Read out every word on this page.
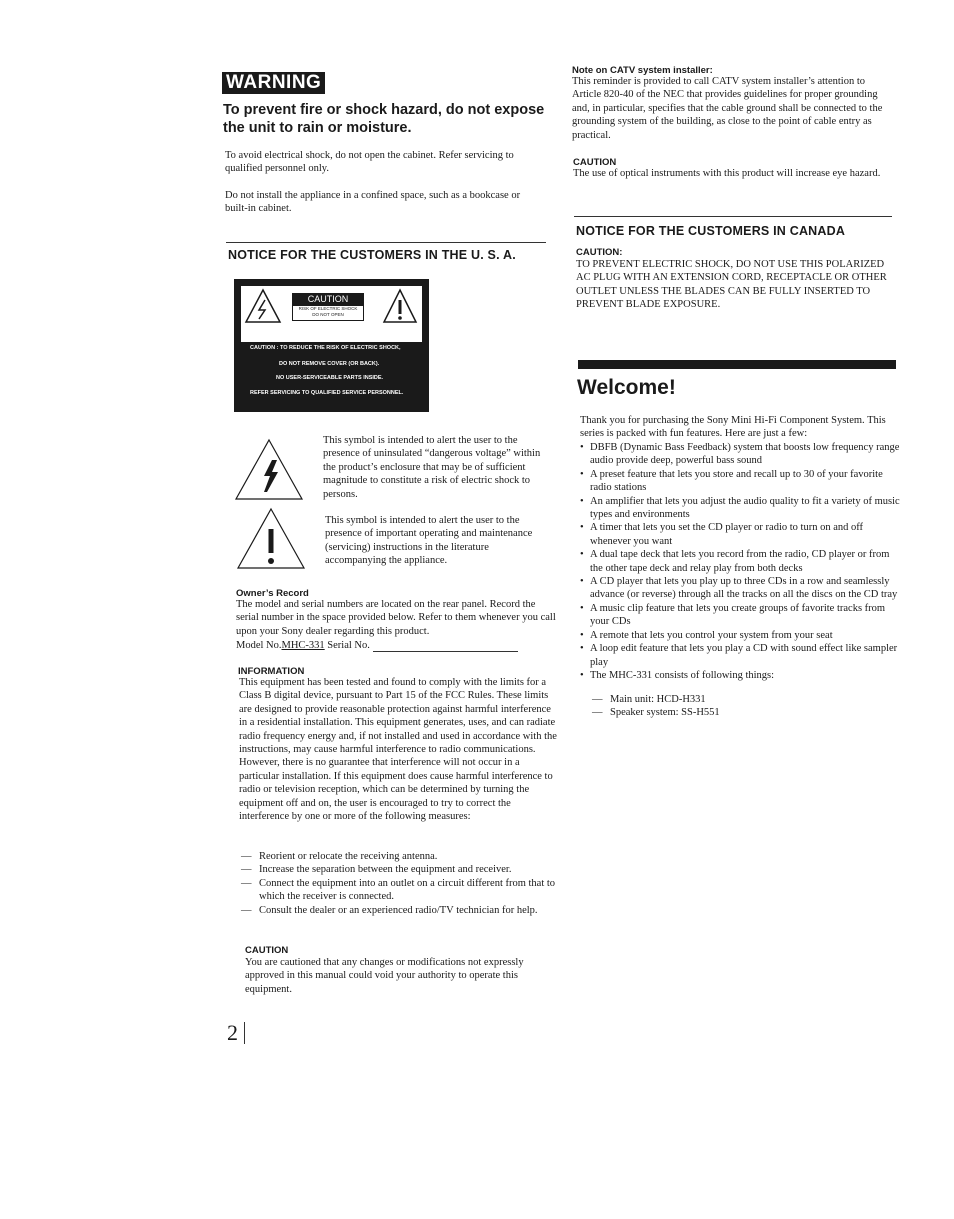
WARNING
To prevent fire or shock hazard, do not expose the unit to rain or moisture.

To avoid electrical shock, do not open the cabinet. Refer servicing to qualified personnel only.

Do not install the appliance in a confined space, such as a bookcase or built-in cabinet.

NOTICE FOR THE CUSTOMERS IN THE U. S. A.
CAUTION
RISK OF ELECTRIC SHOCK
DO NOT OPEN
CAUTION : TO REDUCE THE RISK OF ELECTRIC SHOCK,
DO NOT REMOVE COVER (OR BACK).
NO USER-SERVICEABLE PARTS INSIDE.
REFER SERVICING TO QUALIFIED SERVICE PERSONNEL.

This symbol is intended to alert the user to the presence of uninsulated “dangerous voltage” within the product’s enclosure that may be of sufficient magnitude to constitute a risk of electric shock to persons.

This symbol is intended to alert the user to the presence of important operating and maintenance (servicing) instructions in the literature accompanying the appliance.

Owner’s Record

The model and serial numbers are located on the rear panel. Record the serial number in the space provided below. Refer to them whenever you call upon your Sony dealer regarding this product.

Model No.MHC-331 Serial No.
INFORMATION

This equipment has been tested and found to comply with the limits for a Class B digital device, pursuant to Part 15 of the FCC Rules. These limits are designed to provide reasonable protection against harmful interference in a residential installation. This equipment generates, uses, and can radiate radio frequency energy and, if not installed and used in accordance with the instructions, may cause harmful interference to radio communications. However, there is no guarantee that interference will not occur in a particular installation. If this equipment does cause harmful interference to radio or television reception, which can be determined by turning the equipment off and on, the user is encouraged to try to correct the interference by one or more of the following measures:

— Reorient or relocate the receiving antenna.
— Increase the separation between the equipment and receiver.
— Connect the equipment into an outlet on a circuit different from that to which the receiver is connected.
— Consult the dealer or an experienced radio/TV technician for help.
CAUTION

You are cautioned that any changes or modifications not expressly approved in this manual could void your authority to operate this equipment.

2
Note on CATV system installer:

This reminder is provided to call CATV system installer’s attention to Article 820-40 of the NEC that provides guidelines for proper grounding and, in particular, specifies that the cable ground shall be connected to the grounding system of the building, as close to the point of cable entry as practical.

CAUTION

The use of optical instruments with this product will increase eye hazard.

NOTICE FOR THE CUSTOMERS IN CANADA
CAUTION:

TO PREVENT ELECTRIC SHOCK, DO NOT USE THIS POLARIZED AC PLUG WITH AN EXTENSION CORD, RECEPTACLE OR OTHER OUTLET UNLESS THE BLADES CAN BE FULLY INSERTED TO PREVENT BLADE EXPOSURE.

Welcome!

Thank you for purchasing the Sony Mini Hi-Fi Component System. This series is packed with fun features. Here are just a few:

• DBFB (Dynamic Bass Feedback) system that boosts low frequency range audio provide deep, powerful bass sound
• A preset feature that lets you store and recall up to 30 of your favorite radio stations
• An amplifier that lets you adjust the audio quality to fit a variety of music types and environments
• A timer that lets you set the CD player or radio to turn on and off whenever you want
• A dual tape deck that lets you record from the radio, CD player or from the other tape deck and relay play from both decks
• A CD player that lets you play up to three CDs in a row and seamlessly advance (or reverse) through all the tracks on all the discs on the CD tray
• A music clip feature that lets you create groups of favorite tracks from your CDs
• A remote that lets you control your system from your seat
• A loop edit feature that lets you play a CD with sound effect like sampler play
• The MHC-331 consists of following things:
— Main unit: HCD-H331
— Speaker system: SS-H551
